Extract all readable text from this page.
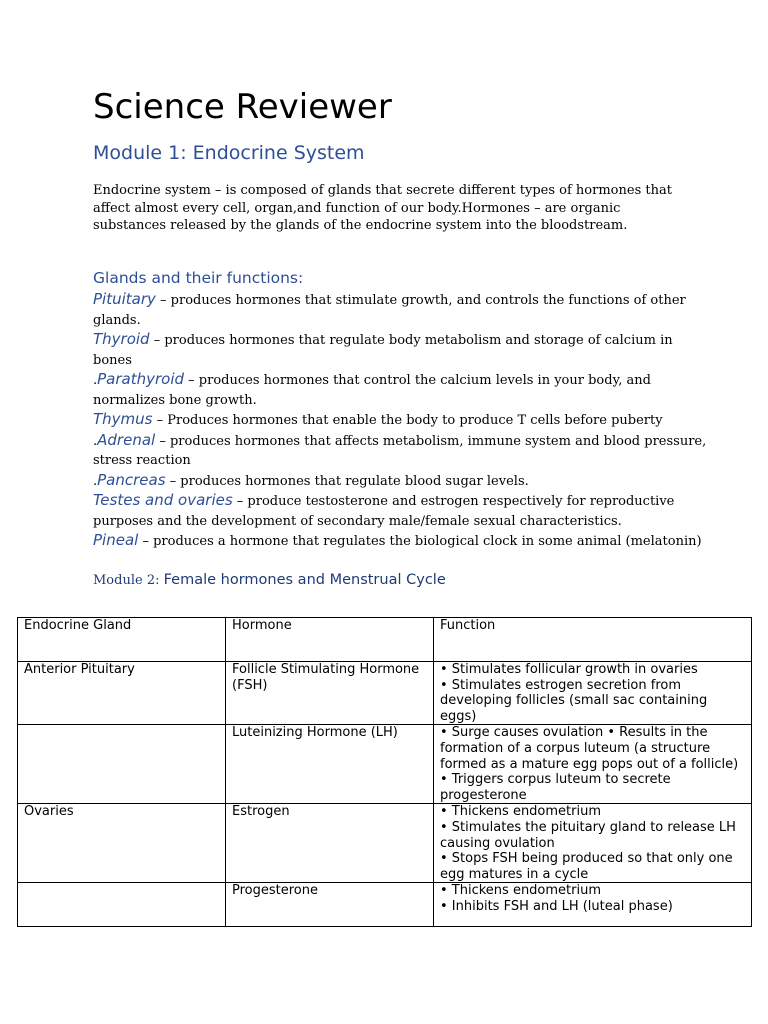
Science Reviewer
Module 1: Endocrine System
Endocrine system – is composed of glands that secrete different types of hormones that affect almost every cell, organ,and function of our body.Hormones – are organic substances released by the glands of the endocrine system into the bloodstream.
Glands and their functions:

Pituitary – produces hormones that stimulate growth, and controls the functions of other glands.

Thyroid – produces hormones that regulate body metabolism and storage of calcium in bones

.Parathyroid – produces hormones that control the calcium levels in your body, and normalizes bone growth.

Thymus – Produces hormones that enable the body to produce T cells before puberty

.Adrenal – produces hormones that affects metabolism, immune system and blood pressure, stress reaction

.Pancreas – produces hormones that regulate blood sugar levels.

Testes and ovaries – produce testosterone and estrogen respectively for reproductive purposes and the development of secondary male/female sexual characteristics.

Pineal – produces a hormone that regulates the biological clock in some animal (melatonin)

Module 2: Female hormones and Menstrual Cycle
Endocrine Gland	Hormone	Function
Anterior Pituitary	Follicle Stimulating Hormone (FSH)	• Stimulates follicular growth in ovaries
• Stimulates estrogen secretion from developing follicles (small sac containing eggs)

	Luteinizing Hormone (LH)	• Surge causes ovulation • Results in the formation of a corpus luteum (a structure formed as a mature egg pops out of a follicle) • Triggers corpus luteum to secrete progesterone

Ovaries	Estrogen	• Thickens endometrium
• Stimulates the pituitary gland to release LH causing ovulation
• Stops FSH being produced so that only one egg matures in a cycle

	Progesterone	• Thickens endometrium
• Inhibits FSH and LH (luteal phase)
